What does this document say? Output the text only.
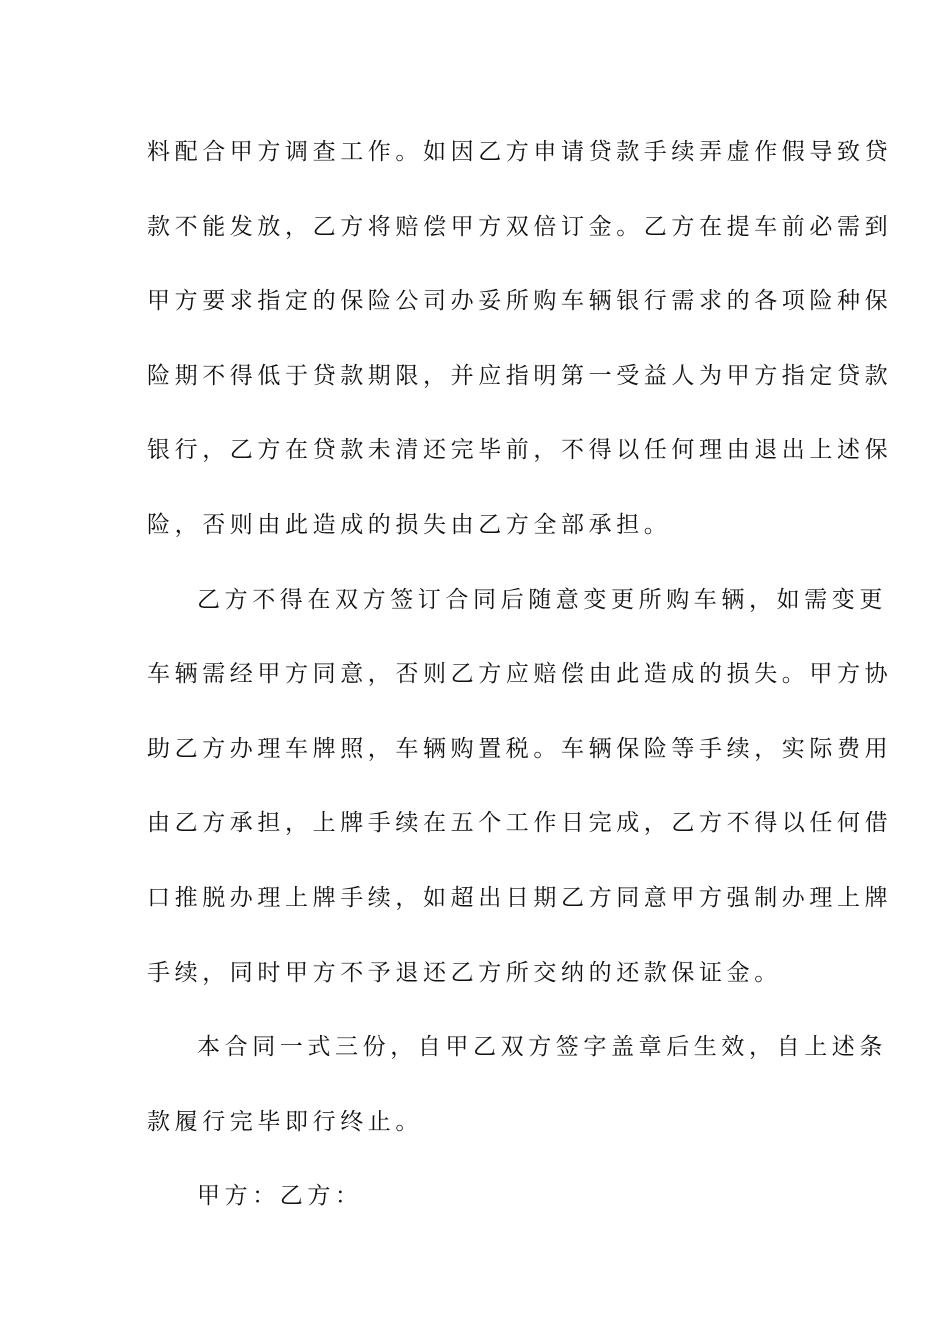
料配合甲方调查工作。如因乙方申请贷款手续弄虚作假导致贷
款不能发放，乙方将赔偿甲方双倍订金。乙方在提车前必需到
甲方要求指定的保险公司办妥所购车辆银行需求的各项险种保
险期不得低于贷款期限，并应指明第一受益人为甲方指定贷款
银行，乙方在贷款未清还完毕前，不得以任何理由退出上述保
险，否则由此造成的损失由乙方全部承担。
乙方不得在双方签订合同后随意变更所购车辆，如需变更
车辆需经甲方同意，否则乙方应赔偿由此造成的损失。甲方协
助乙方办理车牌照，车辆购置税。车辆保险等手续，实际费用
由乙方承担，上牌手续在五个工作日完成，乙方不得以任何借
口推脱办理上牌手续，如超出日期乙方同意甲方强制办理上牌
手续，同时甲方不予退还乙方所交纳的还款保证金。
本合同一式三份，自甲乙双方签字盖章后生效，自上述条
款履行完毕即行终止。
甲方：乙方：
